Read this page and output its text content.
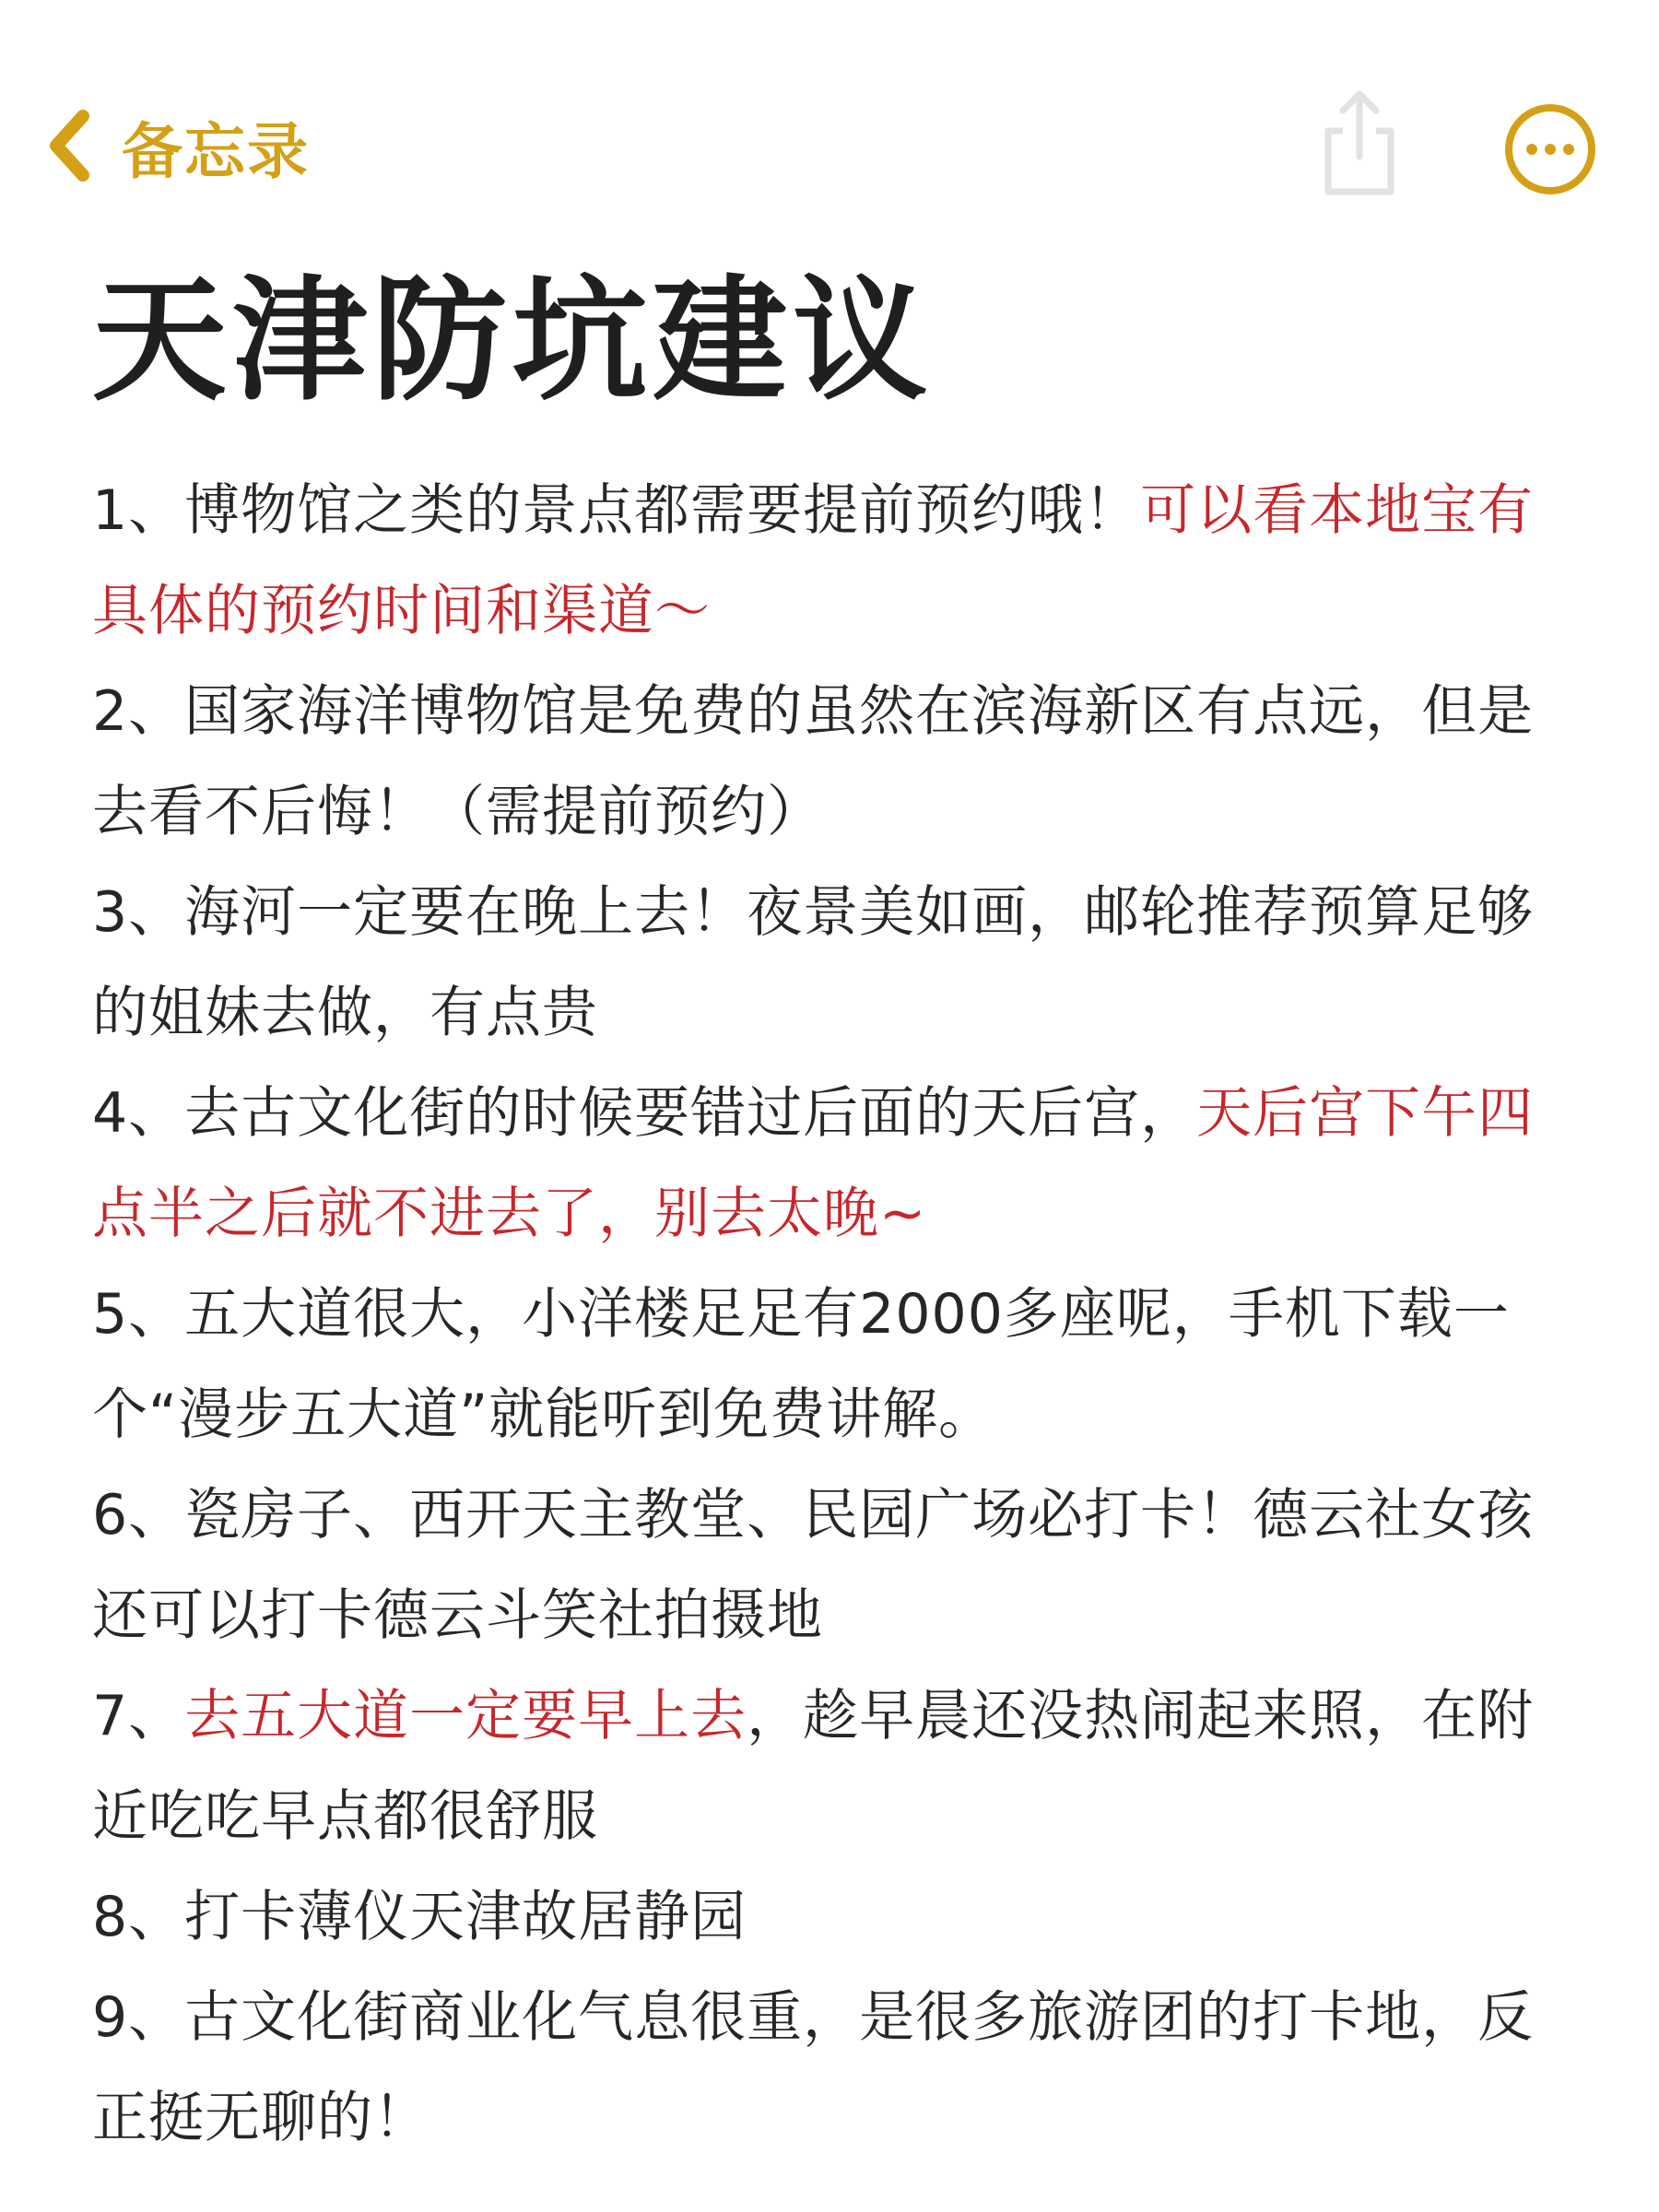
备忘录
天津防坑建议
1、博物馆之类的景点都需要提前预约哦！可以看本地宝有具体的预约时间和渠道～
2、国家海洋博物馆是免费的虽然在滨海新区有点远，但是去看不后悔！（需提前预约）
3、海河一定要在晚上去！夜景美如画，邮轮推荐预算足够的姐妹去做，有点贵
4、去古文化街的时候要错过后面的天后宫，天后宫下午四点半之后就不进去了，别去太晚~
5、五大道很大，小洋楼足足有2000多座呢，手机下载一个“漫步五大道”就能听到免费讲解。
6、瓷房子、西开天主教堂、民园广场必打卡！德云社女孩还可以打卡德云斗笑社拍摄地
7、去五大道一定要早上去，趁早晨还没热闹起来照，在附近吃吃早点都很舒服
8、打卡薄仪天津故居静园
9、古文化街商业化气息很重，是很多旅游团的打卡地，反正挺无聊的！
